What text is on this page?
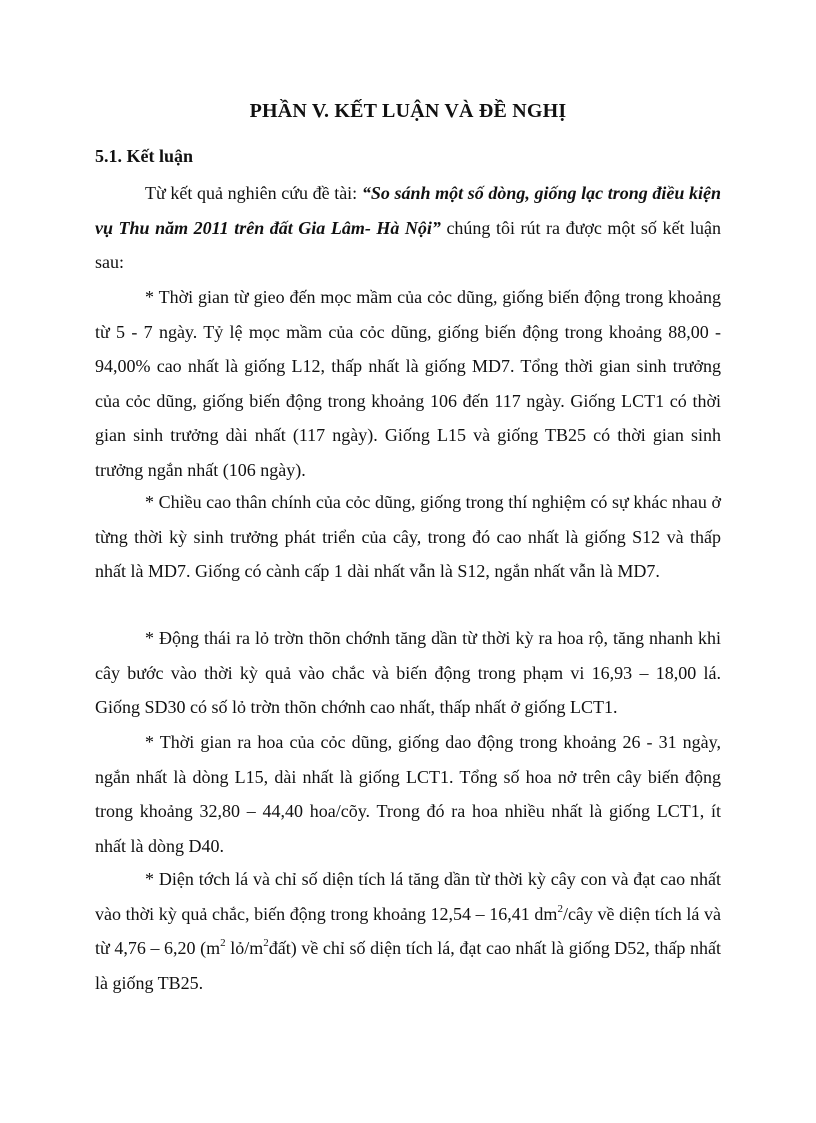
PHẦN V. KẾT LUẬN VÀ ĐỀ NGHỊ
5.1. Kết luận

Từ kết quả nghiên cứu đề tài: “So sánh một số dòng, giống lạc trong điều kiện vụ Thu năm 2011 trên đất Gia Lâm- Hà Nội” chúng tôi rút ra được một số kết luận sau:

* Thời gian từ gieo đến mọc mầm của cỏc dũng, giống biến động trong khoảng từ 5 - 7 ngày. Tỷ lệ mọc mầm của cỏc dũng, giống biến động trong khoảng 88,00 - 94,00% cao nhất là giống L12, thấp nhất là giống MD7. Tổng thời gian sinh trưởng của cỏc dũng, giống biến động trong khoảng 106 đến 117 ngày. Giống LCT1 có thời gian sinh trưởng dài nhất (117 ngày). Giống L15 và giống TB25 có thời gian sinh trưởng ngắn nhất (106 ngày).

* Chiều cao thân chính của cỏc dũng, giống trong thí nghiệm có sự khác nhau ở từng thời kỳ sinh trưởng phát triển của cây, trong đó cao nhất là giống S12 và thấp nhất là MD7. Giống có cành cấp 1 dài nhất vẫn là S12, ngắn nhất vẫn là MD7.

* Động thái ra lỏ trờn thõn chớnh tăng dần từ thời kỳ ra hoa rộ, tăng nhanh khi cây bước vào thời kỳ quả vào chắc và biến động trong phạm vi 16,93 – 18,00 lá. Giống SD30 có số lỏ trờn thõn chớnh cao nhất, thấp nhất ở giống LCT1.

* Thời gian ra hoa của cỏc dũng, giống dao động trong khoảng 26 - 31 ngày, ngắn nhất là dòng L15, dài nhất là giống LCT1. Tổng số hoa nở trên cây biến động trong khoảng 32,80 – 44,40 hoa/cõy. Trong đó ra hoa nhiều nhất là giống LCT1, ít nhất là dòng D40.

* Diện tớch lá và chỉ số diện tích lá tăng dần từ thời kỳ cây con và đạt cao nhất vào thời kỳ quả chắc, biến động trong khoảng 12,54 – 16,41 $dm^2$/cây về diện tích lá và từ 4,76 – 6,20 ($m^2$ $lỏ/m^2đất$) về chỉ số diện tích lá, đạt cao nhất là giống D52, thấp nhất là giống TB25.
